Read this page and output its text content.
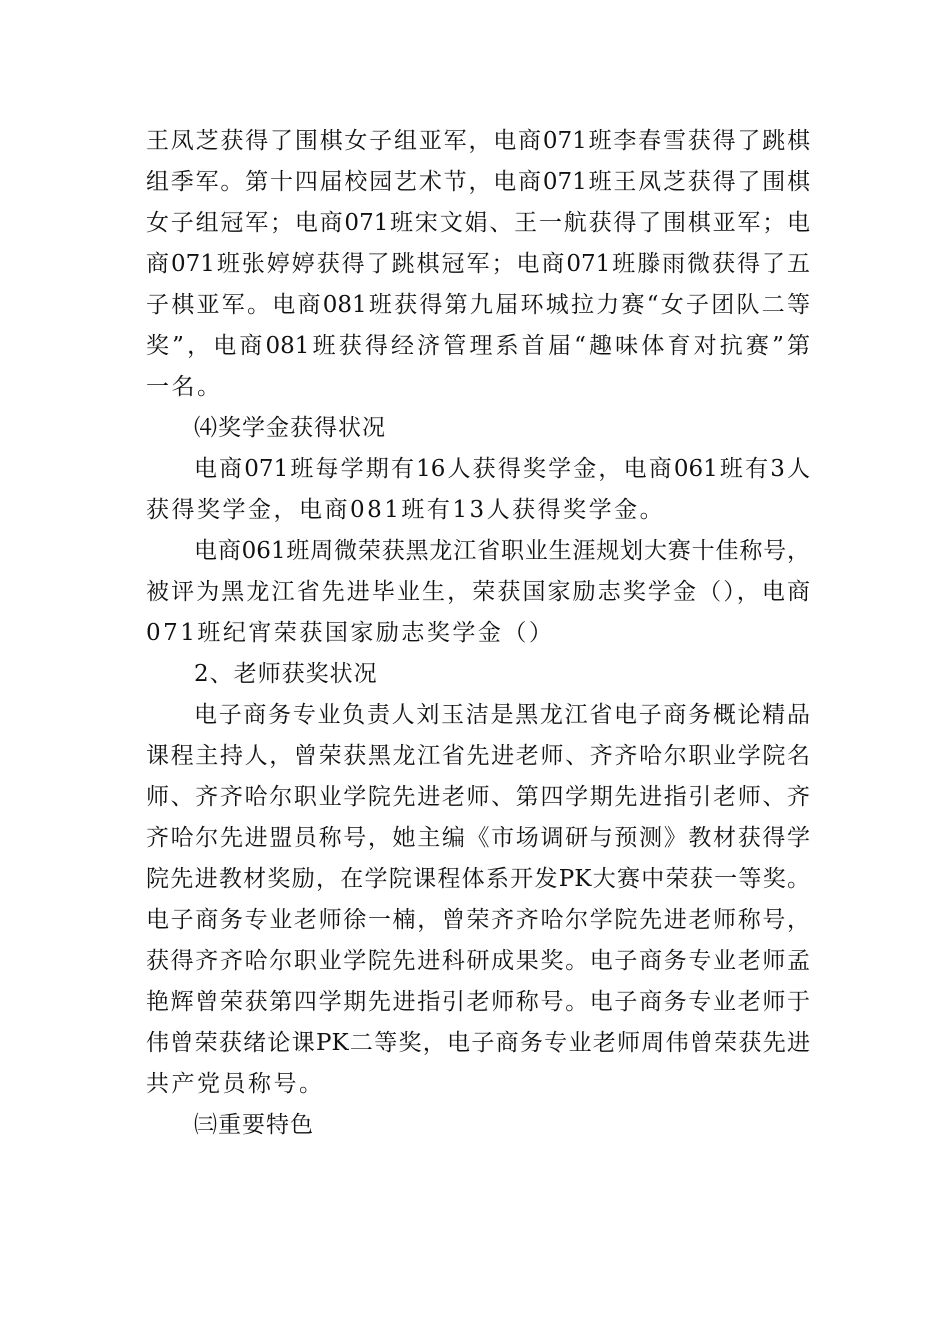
王凤芝获得了围棋女子组亚军，电商071班李春雪获得了跳棋
组季军。第十四届校园艺术节，电商071班王凤芝获得了围棋
女子组冠军；电商071班宋文娟、王一航获得了围棋亚军；电
商071班张婷婷获得了跳棋冠军；电商071班滕雨微获得了五
子棋亚军。电商081班获得第九届环城拉力赛“女子团队二等
奖”，电商081班获得经济管理系首届“趣味体育对抗赛”第
一名。
⑷奖学金获得状况
电商071班每学期有16人获得奖学金，电商061班有3人
获得奖学金，电商081班有13人获得奖学金。
电商061班周微荣获黑龙江省职业生涯规划大赛十佳称号，
被评为黑龙江省先进毕业生，荣获国家励志奖学金（），电商
071班纪宵荣获国家励志奖学金（）
2、老师获奖状况
电子商务专业负责人刘玉洁是黑龙江省电子商务概论精品
课程主持人，曾荣获黑龙江省先进老师、齐齐哈尔职业学院名
师、齐齐哈尔职业学院先进老师、第四学期先进指引老师、齐
齐哈尔先进盟员称号，她主编《市场调研与预测》教材获得学
院先进教材奖励，在学院课程体系开发PK大赛中荣获一等奖。
电子商务专业老师徐一楠，曾荣齐齐哈尔学院先进老师称号，
获得齐齐哈尔职业学院先进科研成果奖。电子商务专业老师孟
艳辉曾荣获第四学期先进指引老师称号。电子商务专业老师于
伟曾荣获绪论课PK二等奖，电子商务专业老师周伟曾荣获先进
共产党员称号。
㈢重要特色
